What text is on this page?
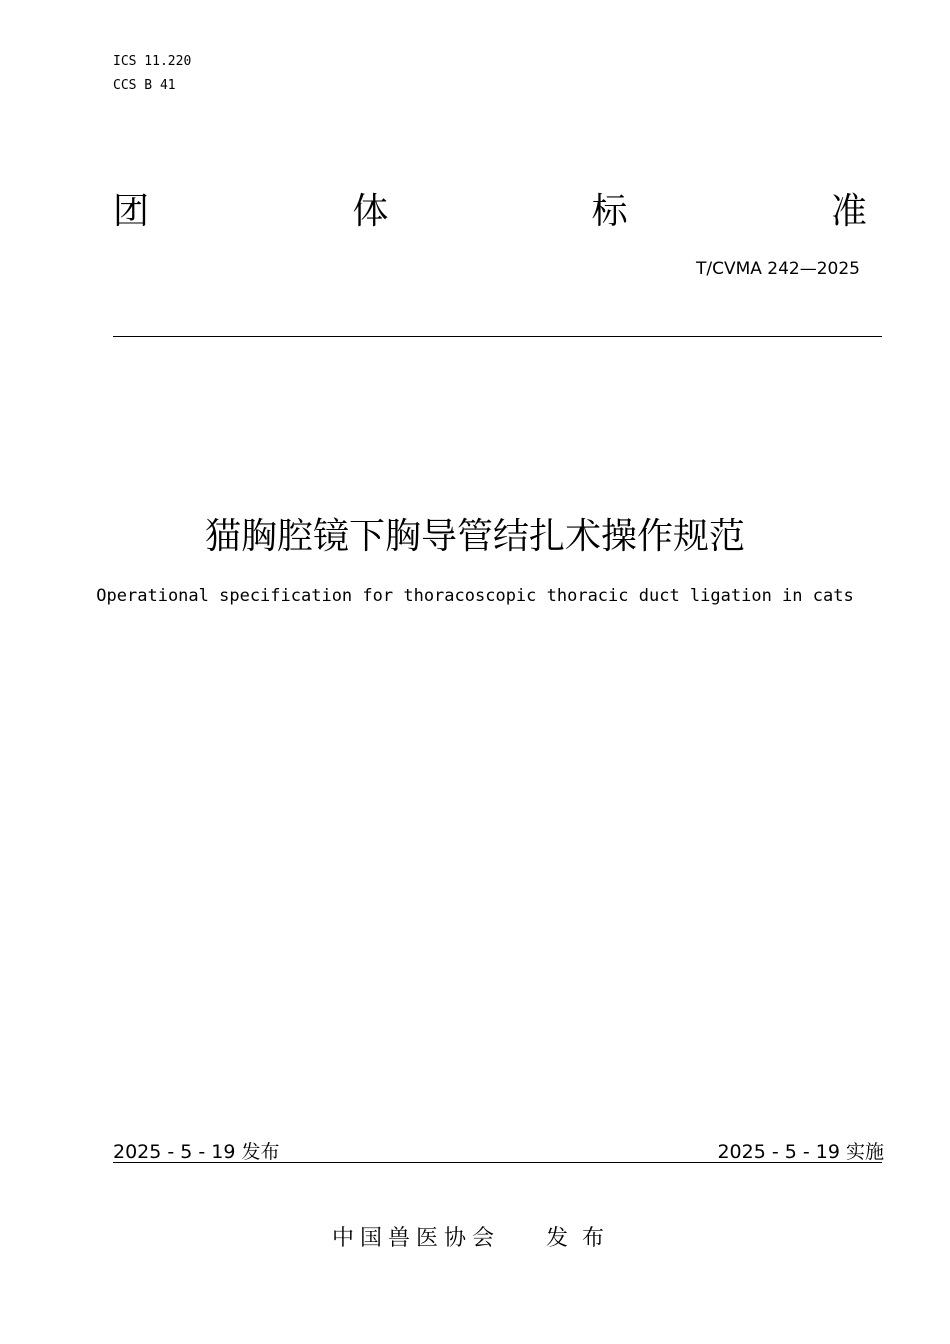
ICS 11.220
CCS B 41
团	体	标	准
T/CVMA 242—2025
猫胸腔镜下胸导管结扎术操作规范
Operational specification for thoracoscopic thoracic duct ligation in cats
2025 - 5 - 19 发布	2025 - 5 - 19 实施
中国兽医协会 发布
